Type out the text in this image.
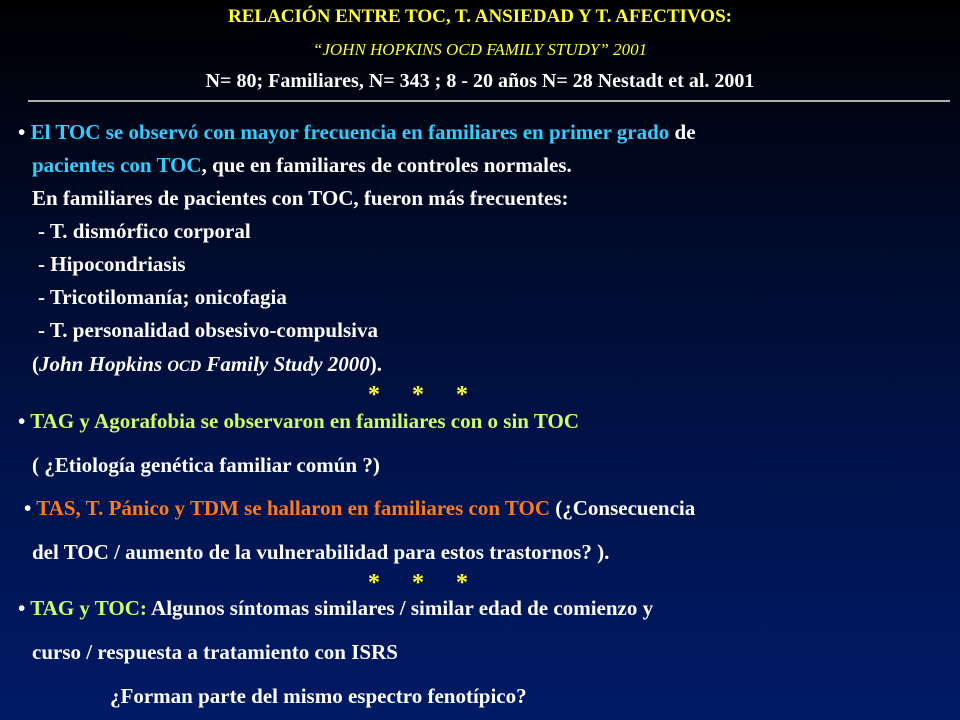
RELACIÓN ENTRE TOC, T. ANSIEDAD Y T. AFECTIVOS:
“JOHN HOPKINS OCD FAMILY STUDY” 2001
N= 80; Familiares, N= 343 ; 8 - 20 años N= 28 Nestadt et al. 2001
• El TOC se observó con mayor frecuencia en familiares en primer grado de
pacientes con TOC, que en familiares de controles normales.
En familiares de pacientes con TOC, fueron más frecuentes:
- T. dismórfico corporal
- Hipocondriasis
- Tricotilomanía; onicofagia
- T. personalidad obsesivo-compulsiva
(John Hopkins OCD Family Study 2000).
* * *
• TAG y Agorafobia se observaron en familiares con o sin TOC
( ¿Etiología genética familiar común ?)
• TAS, T. Pánico y TDM se hallaron en familiares con TOC (¿Consecuencia
del TOC / aumento de la vulnerabilidad para estos trastornos? ).
* * *
• TAG y TOC: Algunos síntomas similares / similar edad de comienzo y
curso / respuesta a tratamiento con ISRS
¿Forman parte del mismo espectro fenotípico?
